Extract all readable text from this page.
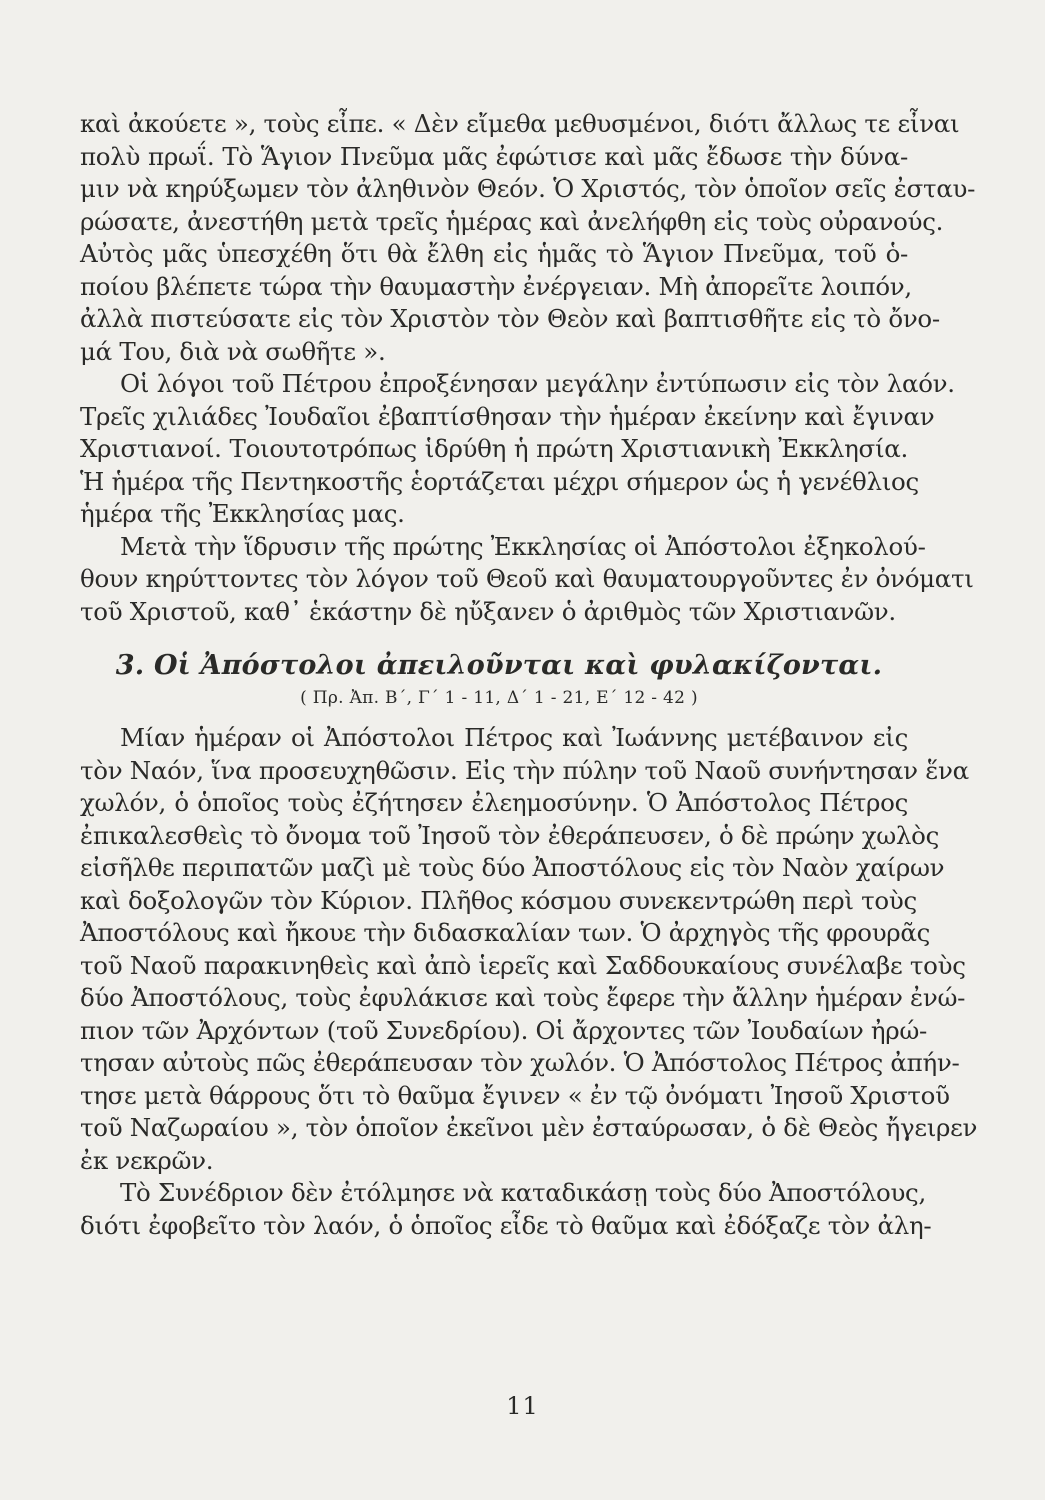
καὶ ἀκούετε », τοὺς εἶπε. « Δὲν εἴμεθα μεθυσμένοι, διότι ἄλλως τε εἶναι
πολὺ πρωΐ. Τὸ Ἅγιον Πνεῦμα μᾶς ἐφώτισε καὶ μᾶς ἔδωσε τὴν δύνα-
μιν νὰ κηρύξωμεν τὸν ἀληθινὸν Θεόν. Ὁ Χριστός, τὸν ὁποῖον σεῖς ἐσταυ-
ρώσατε, ἀνεστήθη μετὰ τρεῖς ἡμέρας καὶ ἀνελήφθη εἰς τοὺς οὐρανούς.
Αὐτὸς μᾶς ὑπεσχέθη ὅτι θὰ ἔλθη εἰς ἡμᾶς τὸ Ἅγιον Πνεῦμα, τοῦ ὁ-
ποίου βλέπετε τώρα τὴν θαυμαστὴν ἐνέργειαν. Μὴ ἀπορεῖτε λοιπόν,
ἀλλὰ πιστεύσατε εἰς τὸν Χριστὸν τὸν Θεὸν καὶ βαπτισθῆτε εἰς τὸ ὄνο-
μά Του, διὰ νὰ σωθῆτε ».
Οἱ λόγοι τοῦ Πέτρου ἐπροξένησαν μεγάλην ἐντύπωσιν εἰς τὸν λαόν.
Τρεῖς χιλιάδες Ἰουδαῖοι ἐβαπτίσθησαν τὴν ἡμέραν ἐκείνην καὶ ἔγιναν
Χριστιανοί. Τοιουτοτρόπως ἱδρύθη ἡ πρώτη Χριστιανικὴ Ἐκκλησία.
Ἡ ἡμέρα τῆς Πεντηκοστῆς ἑορτάζεται μέχρι σήμερον ὡς ἡ γενέθλιος
ἡμέρα τῆς Ἐκκλησίας μας.
Μετὰ τὴν ἵδρυσιν τῆς πρώτης Ἐκκλησίας οἱ Ἀπόστολοι ἐξηκολού-
θουν κηρύττοντες τὸν λόγον τοῦ Θεοῦ καὶ θαυματουργοῦντες ἐν ὀνόματι
τοῦ Χριστοῦ, καθ᾽ ἑκάστην δὲ ηὔξανεν ὁ ἀριθμὸς τῶν Χριστιανῶν.
3. Οἱ Ἀπόστολοι ἀπειλοῦνται καὶ φυλακίζονται.
( Πρ. Ἀπ. Β΄, Γ΄ 1 - 11, Δ΄ 1 - 21, Ε΄ 12 - 42 )
Μίαν ἡμέραν οἱ Ἀπόστολοι Πέτρος καὶ Ἰωάννης μετέβαινον εἰς
τὸν Ναόν, ἵνα προσευχηθῶσιν. Εἰς τὴν πύλην τοῦ Ναοῦ συνήντησαν ἕνα
χωλόν, ὁ ὁποῖος τοὺς ἐζήτησεν ἐλεημοσύνην. Ὁ Ἀπόστολος Πέτρος
ἐπικαλεσθεὶς τὸ ὄνομα τοῦ Ἰησοῦ τὸν ἐθεράπευσεν, ὁ δὲ πρώην χωλὸς
εἰσῆλθε περιπατῶν μαζὶ μὲ τοὺς δύο Ἀποστόλους εἰς τὸν Ναὸν χαίρων
καὶ δοξολογῶν τὸν Κύριον. Πλῆθος κόσμου συνεκεντρώθη περὶ τοὺς
Ἀποστόλους καὶ ἤκουε τὴν διδασκαλίαν των. Ὁ ἀρχηγὸς τῆς φρουρᾶς
τοῦ Ναοῦ παρακινηθεὶς καὶ ἀπὸ ἱερεῖς καὶ Σαδδουκαίους συνέλαβε τοὺς
δύο Ἀποστόλους, τοὺς ἐφυλάκισε καὶ τοὺς ἔφερε τὴν ἄλλην ἡμέραν ἐνώ-
πιον τῶν Ἀρχόντων (τοῦ Συνεδρίου). Οἱ ἄρχοντες τῶν Ἰουδαίων ἠρώ-
τησαν αὐτοὺς πῶς ἐθεράπευσαν τὸν χωλόν. Ὁ Ἀπόστολος Πέτρος ἀπήν-
τησε μετὰ θάρρους ὅτι τὸ θαῦμα ἔγινεν « ἐν τῷ ὀνόματι Ἰησοῦ Χριστοῦ
τοῦ Ναζωραίου », τὸν ὁποῖον ἐκεῖνοι μὲν ἐσταύρωσαν, ὁ δὲ Θεὸς ἤγειρεν
ἐκ νεκρῶν.
Τὸ Συνέδριον δὲν ἐτόλμησε νὰ καταδικάσῃ τοὺς δύο Ἀποστόλους,
διότι ἐφοβεῖτο τὸν λαόν, ὁ ὁποῖος εἶδε τὸ θαῦμα καὶ ἐδόξαζε τὸν ἀλη-
11
